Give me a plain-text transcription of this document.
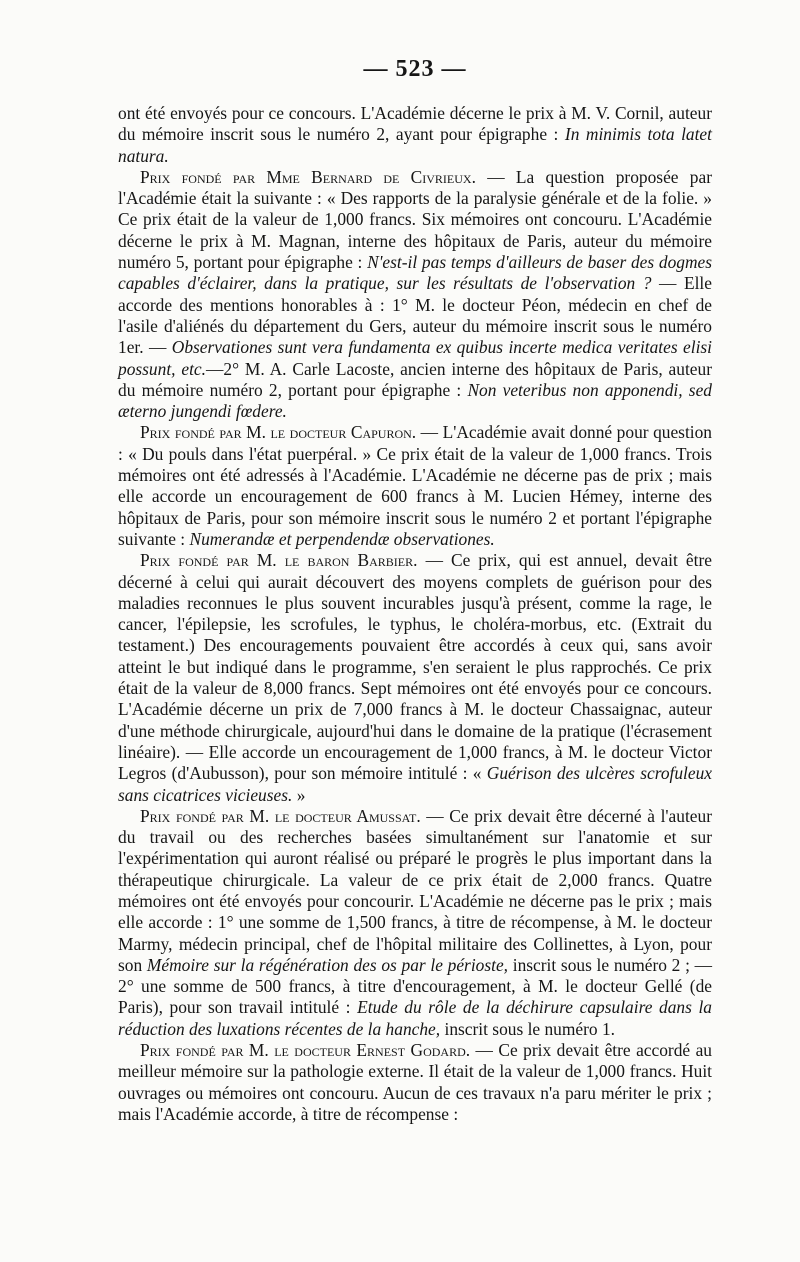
— 523 —

ont été envoyés pour ce concours. L'Académie décerne le prix à M. V. Cornil, auteur du mémoire inscrit sous le numéro 2, ayant pour épigraphe : In minimis tota latet natura.

Prix fondé par Mme Bernard de Civrieux. — La question proposée par l'Académie était la suivante : « Des rapports de la paralysie générale et de la folie. » Ce prix était de la valeur de 1,000 francs. Six mémoires ont concouru. L'Académie décerne le prix à M. Magnan, interne des hôpitaux de Paris, auteur du mémoire numéro 5, portant pour épigraphe : N'est-il pas temps d'ailleurs de baser des dogmes capables d'éclairer, dans la pratique, sur les résultats de l'observation ? — Elle accorde des mentions honorables à : 1° M. le docteur Péon, médecin en chef de l'asile d'aliénés du département du Gers, auteur du mémoire inscrit sous le numéro 1er. — Observationes sunt vera fundamenta ex quibus incerte medica veritates elisi possunt, etc.—2° M. A. Carle Lacoste, ancien interne des hôpitaux de Paris, auteur du mémoire numéro 2, portant pour épigraphe : Non veteribus non apponendi, sed æterno jungendi fœdere.

Prix fondé par M. le docteur Capuron. — L'Académie avait donné pour question : « Du pouls dans l'état puerpéral. » Ce prix était de la valeur de 1,000 francs. Trois mémoires ont été adressés à l'Académie. L'Académie ne décerne pas de prix ; mais elle accorde un encouragement de 600 francs à M. Lucien Hémey, interne des hôpitaux de Paris, pour son mémoire inscrit sous le numéro 2 et portant l'épigraphe suivante : Numerandæ et perpendendæ observationes.

Prix fondé par M. le baron Barbier. — Ce prix, qui est annuel, devait être décerné à celui qui aurait découvert des moyens complets de guérison pour des maladies reconnues le plus souvent incurables jusqu'à présent, comme la rage, le cancer, l'épilepsie, les scrofules, le typhus, le choléra-morbus, etc. (Extrait du testament.) Des encouragements pouvaient être accordés à ceux qui, sans avoir atteint le but indiqué dans le programme, s'en seraient le plus rapprochés. Ce prix était de la valeur de 8,000 francs. Sept mémoires ont été envoyés pour ce concours. L'Académie décerne un prix de 7,000 francs à M. le docteur Chassaignac, auteur d'une méthode chirurgicale, aujourd'hui dans le domaine de la pratique (l'écrasement linéaire). — Elle accorde un encouragement de 1,000 francs, à M. le docteur Victor Legros (d'Aubusson), pour son mémoire intitulé : « Guérison des ulcères scrofuleux sans cicatrices vicieuses. »

Prix fondé par M. le docteur Amussat. — Ce prix devait être décerné à l'auteur du travail ou des recherches basées simultanément sur l'anatomie et sur l'expérimentation qui auront réalisé ou préparé le progrès le plus important dans la thérapeutique chirurgicale. La valeur de ce prix était de 2,000 francs. Quatre mémoires ont été envoyés pour concourir. L'Académie ne décerne pas le prix ; mais elle accorde : 1° une somme de 1,500 francs, à titre de récompense, à M. le docteur Marmy, médecin principal, chef de l'hôpital militaire des Collinettes, à Lyon, pour son Mémoire sur la régénération des os par le périoste, inscrit sous le numéro 2 ; — 2° une somme de 500 francs, à titre d'encouragement, à M. le docteur Gellé (de Paris), pour son travail intitulé : Etude du rôle de la déchirure capsulaire dans la réduction des luxations récentes de la hanche, inscrit sous le numéro 1.

Prix fondé par M. le docteur Ernest Godard. — Ce prix devait être accordé au meilleur mémoire sur la pathologie externe. Il était de la valeur de 1,000 francs. Huit ouvrages ou mémoires ont concouru. Aucun de ces travaux n'a paru mériter le prix ; mais l'Académie accorde, à titre de récompense :
